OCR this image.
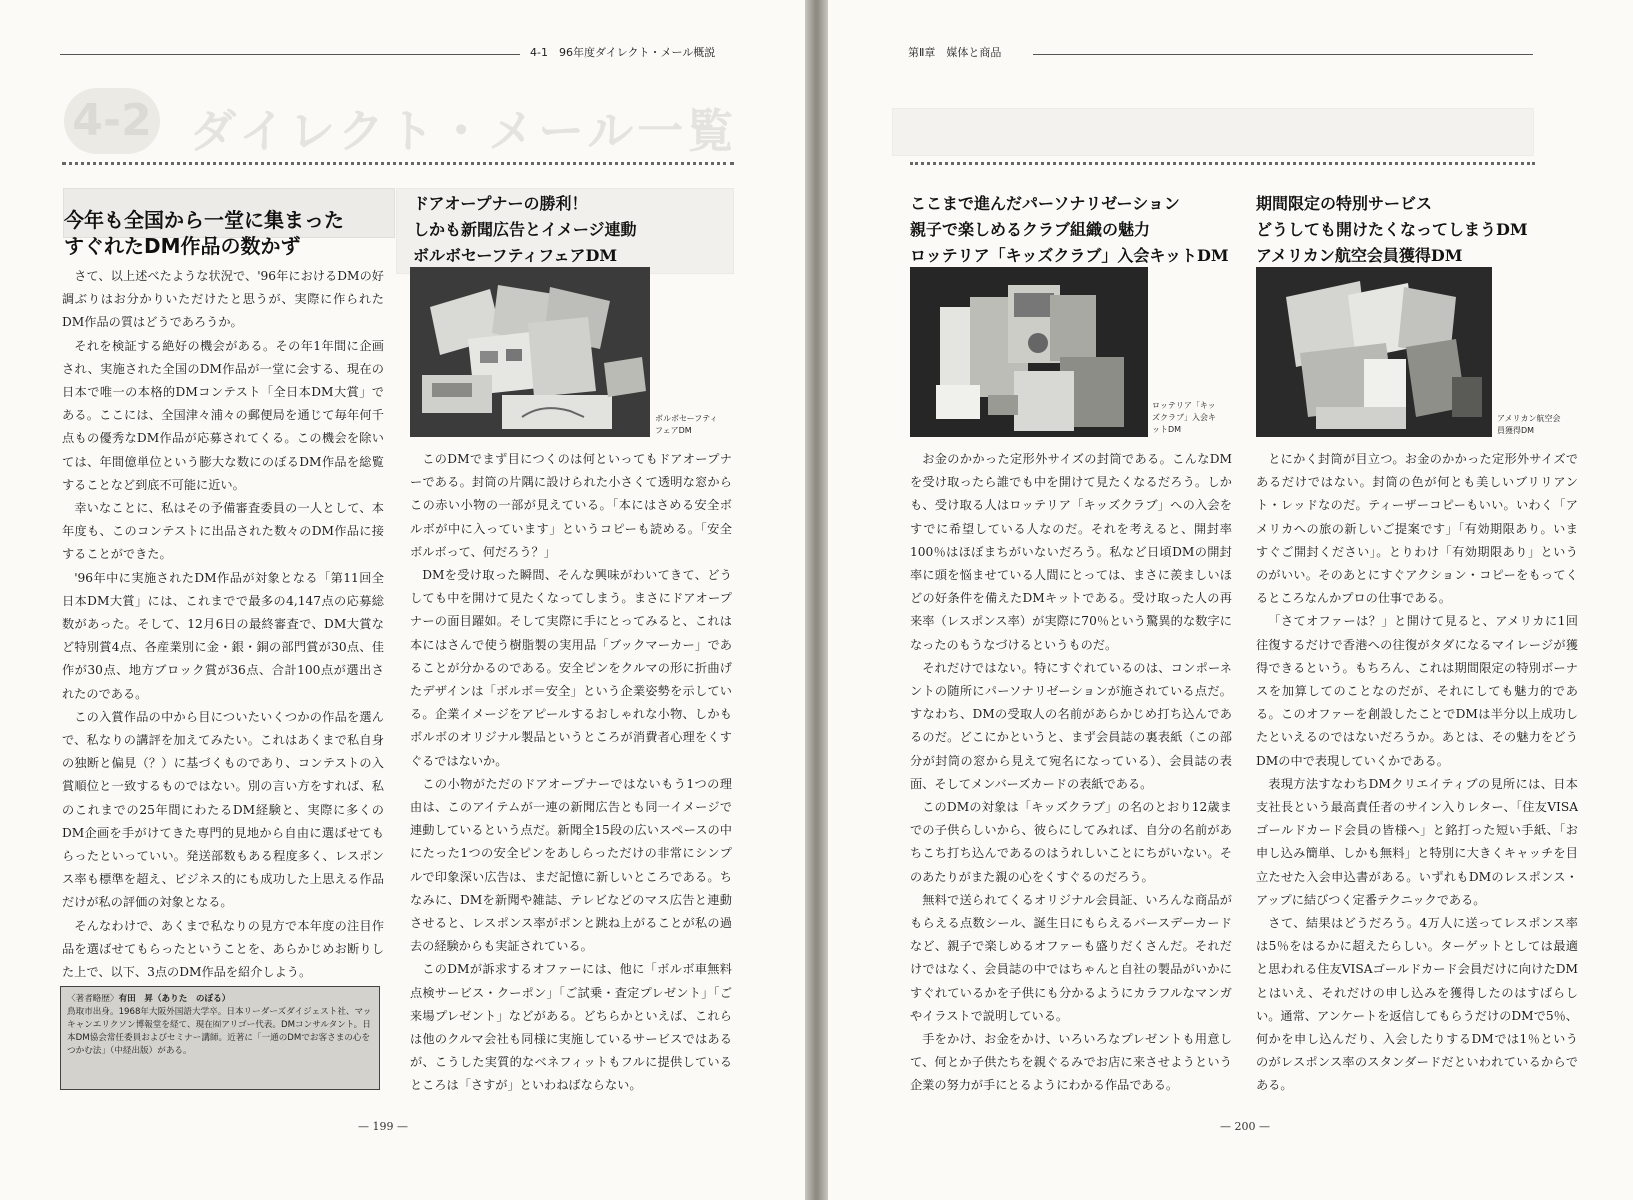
4-1　96年度ダイレクト・メール概説
4-2 ダイレクト・メール一覧
今年も全国から一堂に集まった
すぐれたDM作品の数かず

さて、以上述べたような状況で、'96年におけるDMの好調ぶりはお分かりいただけたと思うが、実際に作られたDM作品の質はどうであろうか。

それを検証する絶好の機会がある。その年1年間に企画され、実施された全国のDM作品が一堂に会する、現在の日本で唯一の本格的DMコンテスト「全日本DM大賞」である。ここには、全国津々浦々の郵便局を通じて毎年何千点もの優秀なDM作品が応募されてくる。この機会を除いては、年間億単位という膨大な数にのぼるDM作品を総覧することなど到底不可能に近い。

幸いなことに、私はその予備審査委員の一人として、本年度も、このコンテストに出品された数々のDM作品に接することができた。

'96年中に実施されたDM作品が対象となる「第11回全日本DM大賞」には、これまでで最多の4,147点の応募総数があった。そして、12月6日の最終審査で、DM大賞など特別賞4点、各産業別に金・銀・銅の部門賞が30点、佳作が30点、地方ブロック賞が36点、合計100点が選出されたのである。

この入賞作品の中から目についたいくつかの作品を選んで、私なりの講評を加えてみたい。これはあくまで私自身の独断と偏見（？）に基づくものであり、コンテストの入賞順位と一致するものではない。別の言い方をすれば、私のこれまでの25年間にわたるDM経験と、実際に多くのDM企画を手がけてきた専門的見地から自由に選ばせてもらったといっていい。発送部数もある程度多く、レスポンス率も標準を超え、ビジネス的にも成功した上思える作品だけが私の評価の対象となる。

そんなわけで、あくまで私なりの見方で本年度の注目作品を選ばせてもらったということを、あらかじめお断りした上で、以下、3点のDM作品を紹介しよう。

〈著者略歴〉有田　昇（ありた　のぼる）
鳥取市出身。1968年大阪外国語大学卒。日本リーダーズダイジェスト社、マッキャンエリクソン博報堂を経て、現在㈲アリゴー代表。DMコンサルタント。日本DM協会常任委員およびセミナー講師。近著に「一通のDMでお客さまの心をつかむ法」（中経出版）がある。
ドアオープナーの勝利！
しかも新聞広告とイメージ連動
ボルボセーフティフェアDM
ボルボセーフティ
フェアDM

このDMでまず目につくのは何といってもドアオープナーである。封筒の片隅に設けられた小さくて透明な窓からこの赤い小物の一部が見えている。「本にはさめる安全ボルボが中に入っています」というコピーも読める。「安全ボルボって、何だろう？」

DMを受け取った瞬間、そんな興味がわいてきて、どうしても中を開けて見たくなってしまう。まさにドアオープナーの面目躍如。そして実際に手にとってみると、これは本にはさんで使う樹脂製の実用品「ブックマーカー」であることが分かるのである。安全ピンをクルマの形に折曲げたデザインは「ボルボ＝安全」という企業姿勢を示している。企業イメージをアピールするおしゃれな小物、しかもボルボのオリジナル製品というところが消費者心理をくすぐるではないか。

この小物がただのドアオープナーではないもう1つの理由は、このアイテムが一連の新聞広告とも同一イメージで連動しているという点だ。新聞全15段の広いスペースの中にたった1つの安全ピンをあしらっただけの非常にシンプルで印象深い広告は、まだ記憶に新しいところである。ちなみに、DMを新聞や雑誌、テレビなどのマス広告と連動させると、レスポンス率がポンと跳ね上がることが私の過去の経験からも実証されている。

このDMが訴求するオファーには、他に「ボルボ車無料点検サービス・クーポン」「ご試乗・査定プレゼント」「ご来場プレゼント」などがある。どちらかといえば、これらは他のクルマ会社も同様に実施しているサービスではあるが、こうした実質的なベネフィットもフルに提供しているところは「さすが」といわねばならない。

— 199 —
第Ⅱ章　媒体と商品
ここまで進んだパーソナリゼーション
親子で楽しめるクラブ組織の魅力
ロッテリア「キッズクラブ」入会キットDM
ロッテリア「キッ
ズクラブ」入会キ
ットDM

お金のかかった定形外サイズの封筒である。こんなDMを受け取ったら誰でも中を開けて見たくなるだろう。しかも、受け取る人はロッテリア「キッズクラブ」への入会をすでに希望している人なのだ。それを考えると、開封率100％はほぼまちがいないだろう。私など日頃DMの開封率に頭を悩ませている人間にとっては、まさに羨ましいほどの好条件を備えたDMキットである。受け取った人の再来率（レスポンス率）が実際に70％という驚異的な数字になったのもうなづけるというものだ。

それだけではない。特にすぐれているのは、コンポーネントの随所にパーソナリゼーションが施されている点だ。すなわち、DMの受取人の名前があらかじめ打ち込んであるのだ。どこにかというと、まず会員誌の裏表紙（この部分が封筒の窓から見えて宛名になっている）、会員誌の表面、そしてメンバーズカードの表紙である。

このDMの対象は「キッズクラブ」の名のとおり12歳までの子供らしいから、彼らにしてみれば、自分の名前があちこち打ち込んであるのはうれしいことにちがいない。そのあたりがまた親の心をくすぐるのだろう。

無料で送られてくるオリジナル会員証、いろんな商品がもらえる点数シール、誕生日にもらえるバースデーカードなど、親子で楽しめるオファーも盛りだくさんだ。それだけではなく、会員誌の中ではちゃんと自社の製品がいかにすぐれているかを子供にも分かるようにカラフルなマンガやイラストで説明している。

手をかけ、お金をかけ、いろいろなプレゼントも用意して、何とか子供たちを親ぐるみでお店に来させようという企業の努力が手にとるようにわかる作品である。

期間限定の特別サービス
どうしても開けたくなってしまうDM
アメリカン航空会員獲得DM
アメリカン航空会
員獲得DM

とにかく封筒が目立つ。お金のかかった定形外サイズであるだけではない。封筒の色が何とも美しいブリリアント・レッドなのだ。ティーザーコピーもいい。いわく「アメリカへの旅の新しいご提案です」「有効期限あり。いますぐご開封ください」。とりわけ「有効期限あり」というのがいい。そのあとにすぐアクション・コピーをもってくるところなんかプロの仕事である。

「さてオファーは？」と開けて見ると、アメリカに1回往復するだけで香港への往復がタダになるマイレージが獲得できるという。もちろん、これは期間限定の特別ボーナスを加算してのことなのだが、それにしても魅力的である。このオファーを創設したことでDMは半分以上成功したといえるのではないだろうか。あとは、その魅力をどうDMの中で表現していくかである。

表現方法すなわちDMクリエイティブの見所には、日本支社長という最高責任者のサイン入りレター、「住友VISAゴールドカード会員の皆様へ」と銘打った短い手紙、「お申し込み簡単、しかも無料」と特別に大きくキャッチを目立たせた入会申込書がある。いずれもDMのレスポンス・アップに結びつく定番テクニックである。

さて、結果はどうだろう。4万人に送ってレスポンス率は5％をはるかに超えたらしい。ターゲットとしては最適と思われる住友VISAゴールドカード会員だけに向けたDMとはいえ、それだけの申し込みを獲得したのはすばらしい。通常、アンケートを返信してもらうだけのDMで5％、何かを申し込んだり、入会したりするDMでは1％というのがレスポンス率のスタンダードだといわれているからである。

— 200 —
